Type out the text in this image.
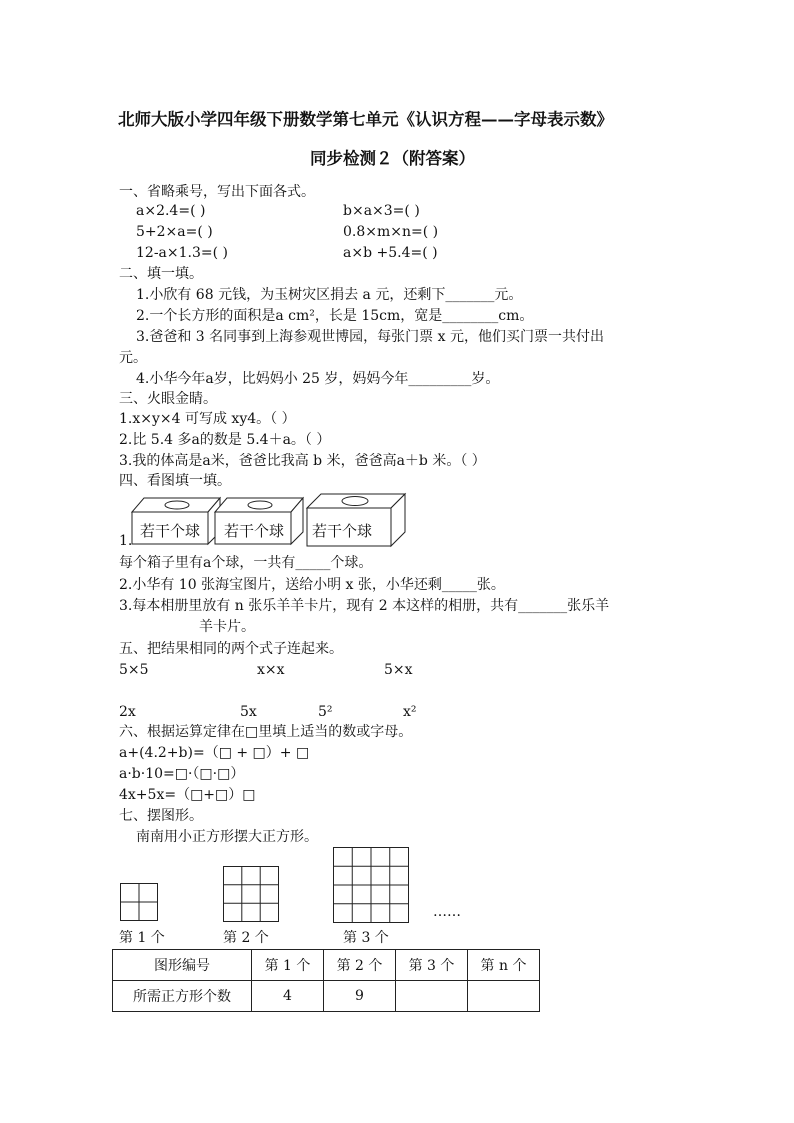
北师大版小学四年级下册数学第七单元《认识方程——字母表示数》
同步检测２（附答案）
一、省略乘号，写出下面各式。
a×2.4=( )	b×a×3=( )
5+2×a=( )	0.8×m×n=( )
12-a×1.3=( )	a×b +5.4=( )
二、填一填。
1.小欣有 68 元钱，为玉树灾区捐去 a 元，还剩下_______元。
2.一个长方形的面积是a cm²，长是 15cm，宽是________cm。
3.爸爸和 3 名同事到上海参观世博园，每张门票 x 元，他们买门票一共付出
元。
4.小华今年a岁，比妈妈小 25 岁，妈妈今年_________岁。
三、火眼金睛。
1.x×y×4 可写成 xy4。（ ）
2.比 5.4 多a的数是 5.4＋a。（ ）
3.我的体高是a米，爸爸比我高 b 米，爸爸高a＋b 米。（ ）
四、看图填一填。
若干个球 若干个球 若干个球
1.
每个箱子里有a个球，一共有_____个球。
2.小华有 10 张海宝图片，送给小明 x 张，小华还剩_____张。
3.每本相册里放有 n 张乐羊羊卡片，现有 2 本这样的相册，共有_______张乐羊
羊卡片。
五、把结果相同的两个式子连起来。
5×5	x×x	5×x
2x	5x	5²	x²
六、根据运算定律在□里填上适当的数或字母。
a+(4.2+b)=（□ + □）+ □
a·b·10=□·（□·□）
4x+5x=（□+□）□
七、摆图形。
南南用小正方形摆大正方形。
……
第 1 个	第 2 个	第 3 个
图形编号	第 1 个	第 2 个	第 3 个	第 n 个
所需正方形个数	4	9		
